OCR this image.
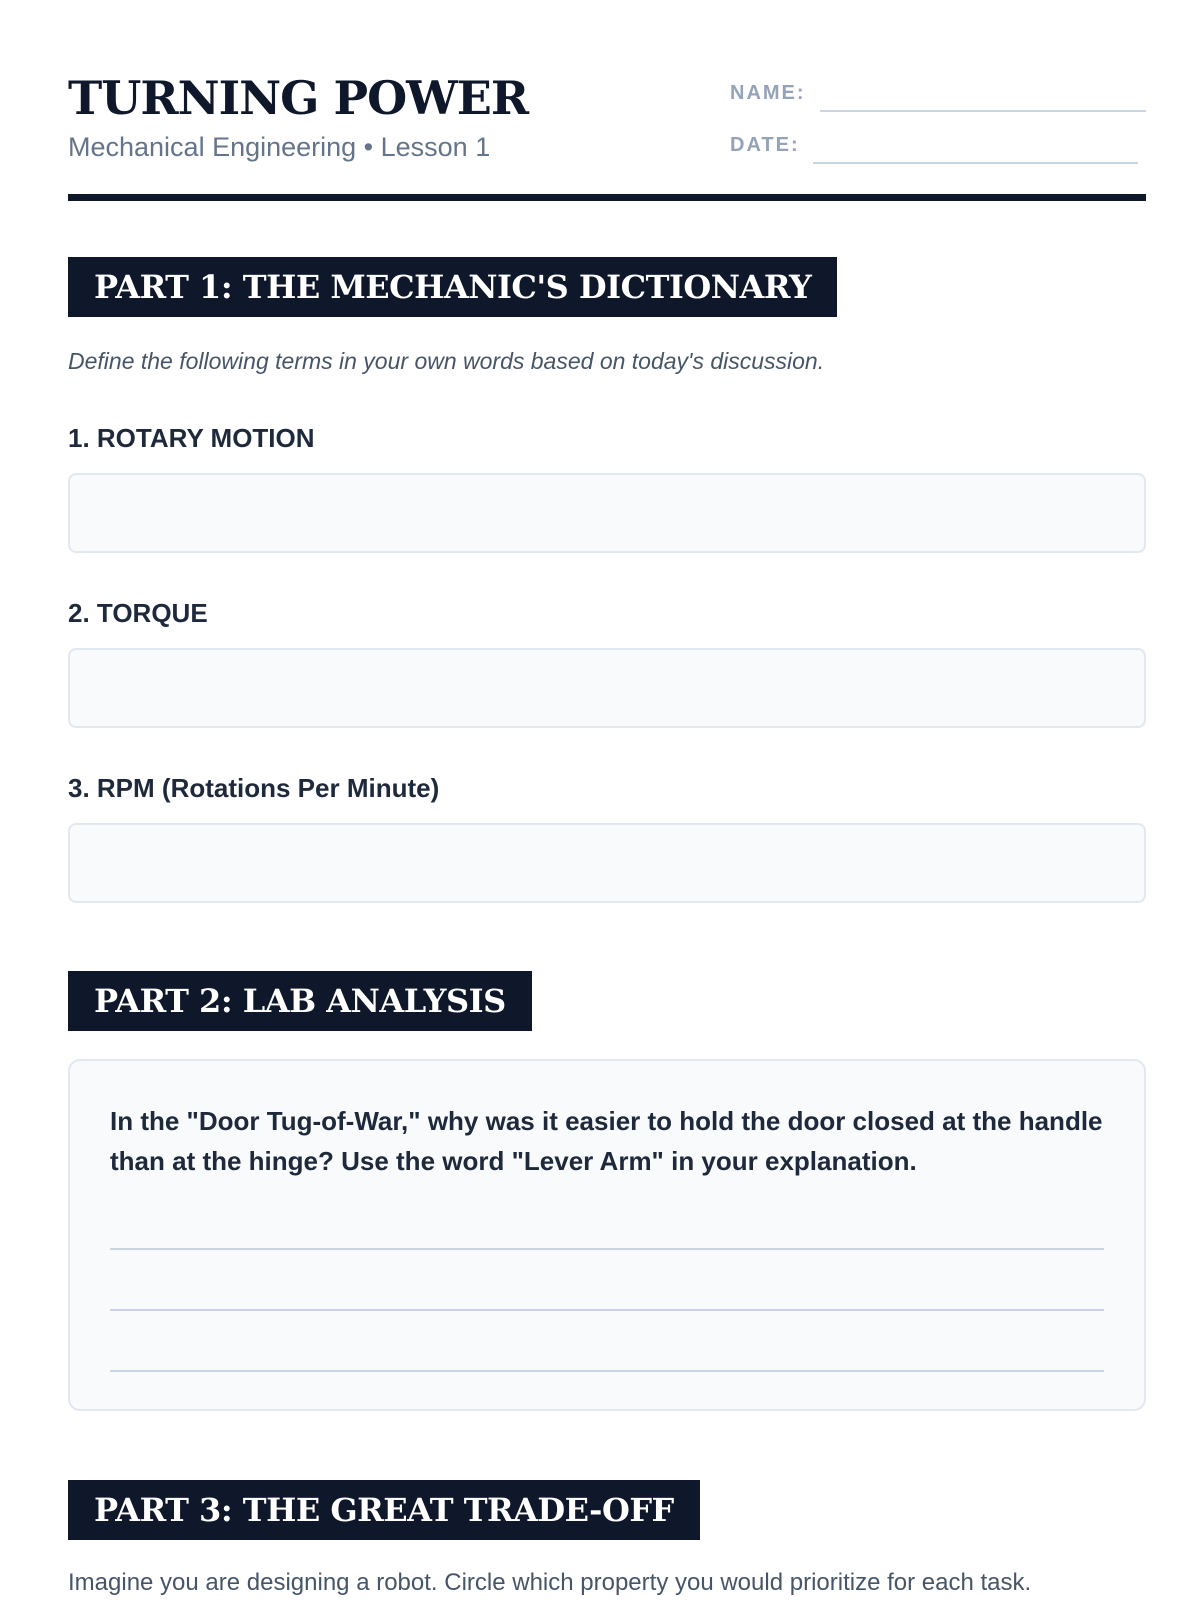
TURNING POWER
Mechanical Engineering • Lesson 1
NAME:
DATE:
PART 1: THE MECHANIC'S DICTIONARY
Define the following terms in your own words based on today's discussion.
1. ROTARY MOTION
2. TORQUE
3. RPM (Rotations Per Minute)
PART 2: LAB ANALYSIS
In the "Door Tug-of-War," why was it easier to hold the door closed at the handle than at the hinge? Use the word "Lever Arm" in your explanation.
PART 3: THE GREAT TRADE-OFF
Imagine you are designing a robot. Circle which property you would prioritize for each task.
